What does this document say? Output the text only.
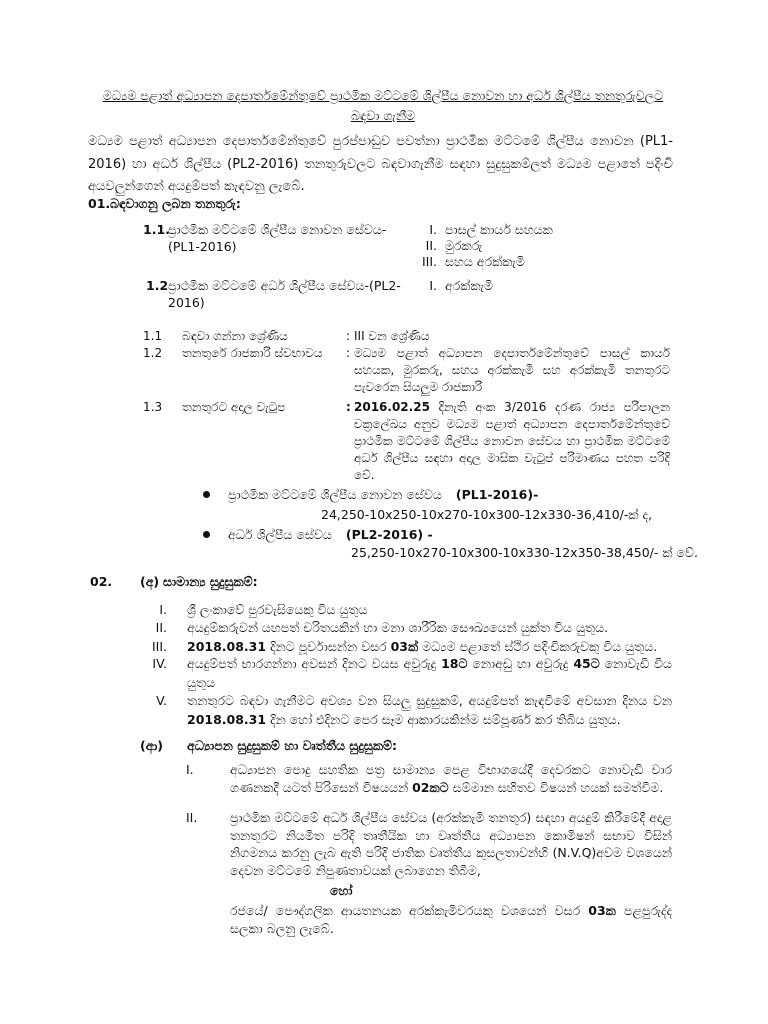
මධ්‍යම පළාත් අධ්‍යාපන දෙපාර්තමේන්තුවේ ප්‍රාථමික මට්ටමේ ශිල්පීය නොවන හා අර්ධ ශිල්පීය තනතුරුවලට බඳවා ගැනීම

මධ්‍යම පළාත් අධ්‍යාපන දෙපාර්තමේන්තුවේ පුරප්පාඩුව පවත්නා ප්‍රාථමික මට්ටමේ ශිල්පීය නොවන (PL1-2016) හා අර්ධ ශිල්පීය (PL2-2016) තනතුරුවලට බඳවාගැනීම සඳහා සුදුසුකම්ලත් මධ්‍යම පළාතේ පදිංචි අයවලුන්ගෙන් අයදුම්පත් කැඳවනු ලැබේ.

01.බඳවාගනු ලබන තනතුරු:
1.1.
ප්‍රාථමික මට්ටමේ ශිල්පීය නොවන සේවය-
(PL1-2016)
I. පාසල් කාර්ය සහයක
II. මුරකරු
III. සහය අරක්කැමි
1.2 ප්‍රාථමික මට්ටමේ අර්ධ ශිල්පීය සේවය-(PL2-
2016)
I. අරක්කැමි
1.1	බඳවා ගන්නා ශ්‍රේණිය	: III වන ශ්‍රේණිය
1.2	තනතුරේ රාජකාරි ස්වභාවය	: මධ්‍යම පළාත් අධ්‍යාපන දෙපාර්තමේන්තුවේ පාසල් කාර්ය සහයක, මුරකරු, සහය අරක්කැමි සහ අරක්කැමි තනතුරට පැවරෙන සියලුම රාජකාරි
1.3	තනතුරට අදාල වැටුප	: 2016.02.25 දිනැති අංක 3/2016 දරණ රාජ්‍ය පරිපාලන චක්‍රලේඛය අනුව මධ්‍යම පළාත් අධ්‍යාපන දෙපාර්තමේන්තුවේ ප්‍රාථමික මට්ටමේ ශිල්පීය නොවන සේවය හා ප්‍රාථමික මට්ටමේ අර්ධ ශිල්පීය සඳහා අදාල මාසික වැටුප් පරිමාණය පහත පරිදි වේ.
ප්‍රාථමික මට්ටමේ ශිල්පීය නොවන සේවය (PL1-2016)-
24,250-10x250-10x270-10x300-12x330-36,410/-ක් ද,
අර්ධ ශිල්පීය සේවය (PL2-2016) -
25,250-10x270-10x300-10x330-12x350-38,450/- ක් වේ.
02. (අ) සාමාන්‍ය සුදුසුකම්:
I. ශ්‍රී ලංකාවේ පුරවැසියෙකු විය යුතුය
II. අයදුම්කරුවන් යහපත් චරිතයකින් හා මනා ශාරීරික සෞඛ්‍යයෙන් යුක්ත විය යුතුය.
III. 2018.08.31 දිනට පූර්වාසන්න වසර 03ක් මධ්‍යම පළාතේ ස්ථිර පදිංචිකරුවකු විය යුතුය.
IV. අයදුම්පත් භාරගන්නා අවසන් දිනට වයස අවුරුදු 18ට නොඅඩු හා අවුරුදු 45ට නොවැඩි විය යුතුය
V. තනතුරට බඳවා ගැනීමට අවශ්‍ය වන සියලු සුදුසුකම්, අයදුම්පත් කැඳවීමේ අවසාන දිනය වන 2018.08.31 දින හෝ එදිනට පෙර සෑම ආකාරයකින්ම සම්පූර්ණ කර තිබිය යුතුය.
(ආ) අධ්‍යාපන සුදුසුකම් හා වෘත්තීය සුදුසුකම්:
I.	අධ්‍යාපන පොදු සහතික පත්‍ර සාමාන්‍ය පෙළ විභාගයේදී දෙවරකට නොවැඩි වාර ගණනකදී යටත් පිරිසෙන් විෂයයන් 02කට සම්මාන සහිතව විෂයන් හයක් සමත්වීම.
II.	ප්‍රාථමික මට්ටමේ අර්ධ ශිල්පීය සේවය (අරක්කැමි තනතුර) සඳහා අයදුම් කිරීමේදී අදාළ තනතුරට නියමිත පරිදි තෘතීයික හා වෘත්තීය අධ්‍යාපන කොමිෂන් සභාව විසින් නිගමනය කරනු ලැබ ඇති පරිදි ජාතික වෘත්තීය කුසලතාවන්හි (N.V.Q)අවම වශයෙන් දෙවන මට්ටමේ නිපුණතාවයක් ලබාගෙන තිබීම,
හෝ
රජයේ/ පෞද්ගලික ආයතනයක අරක්කැමිවරයකු වශයෙන් වසර 03ක පළපුරුද්ද සලකා බලනු ලැබේ.
